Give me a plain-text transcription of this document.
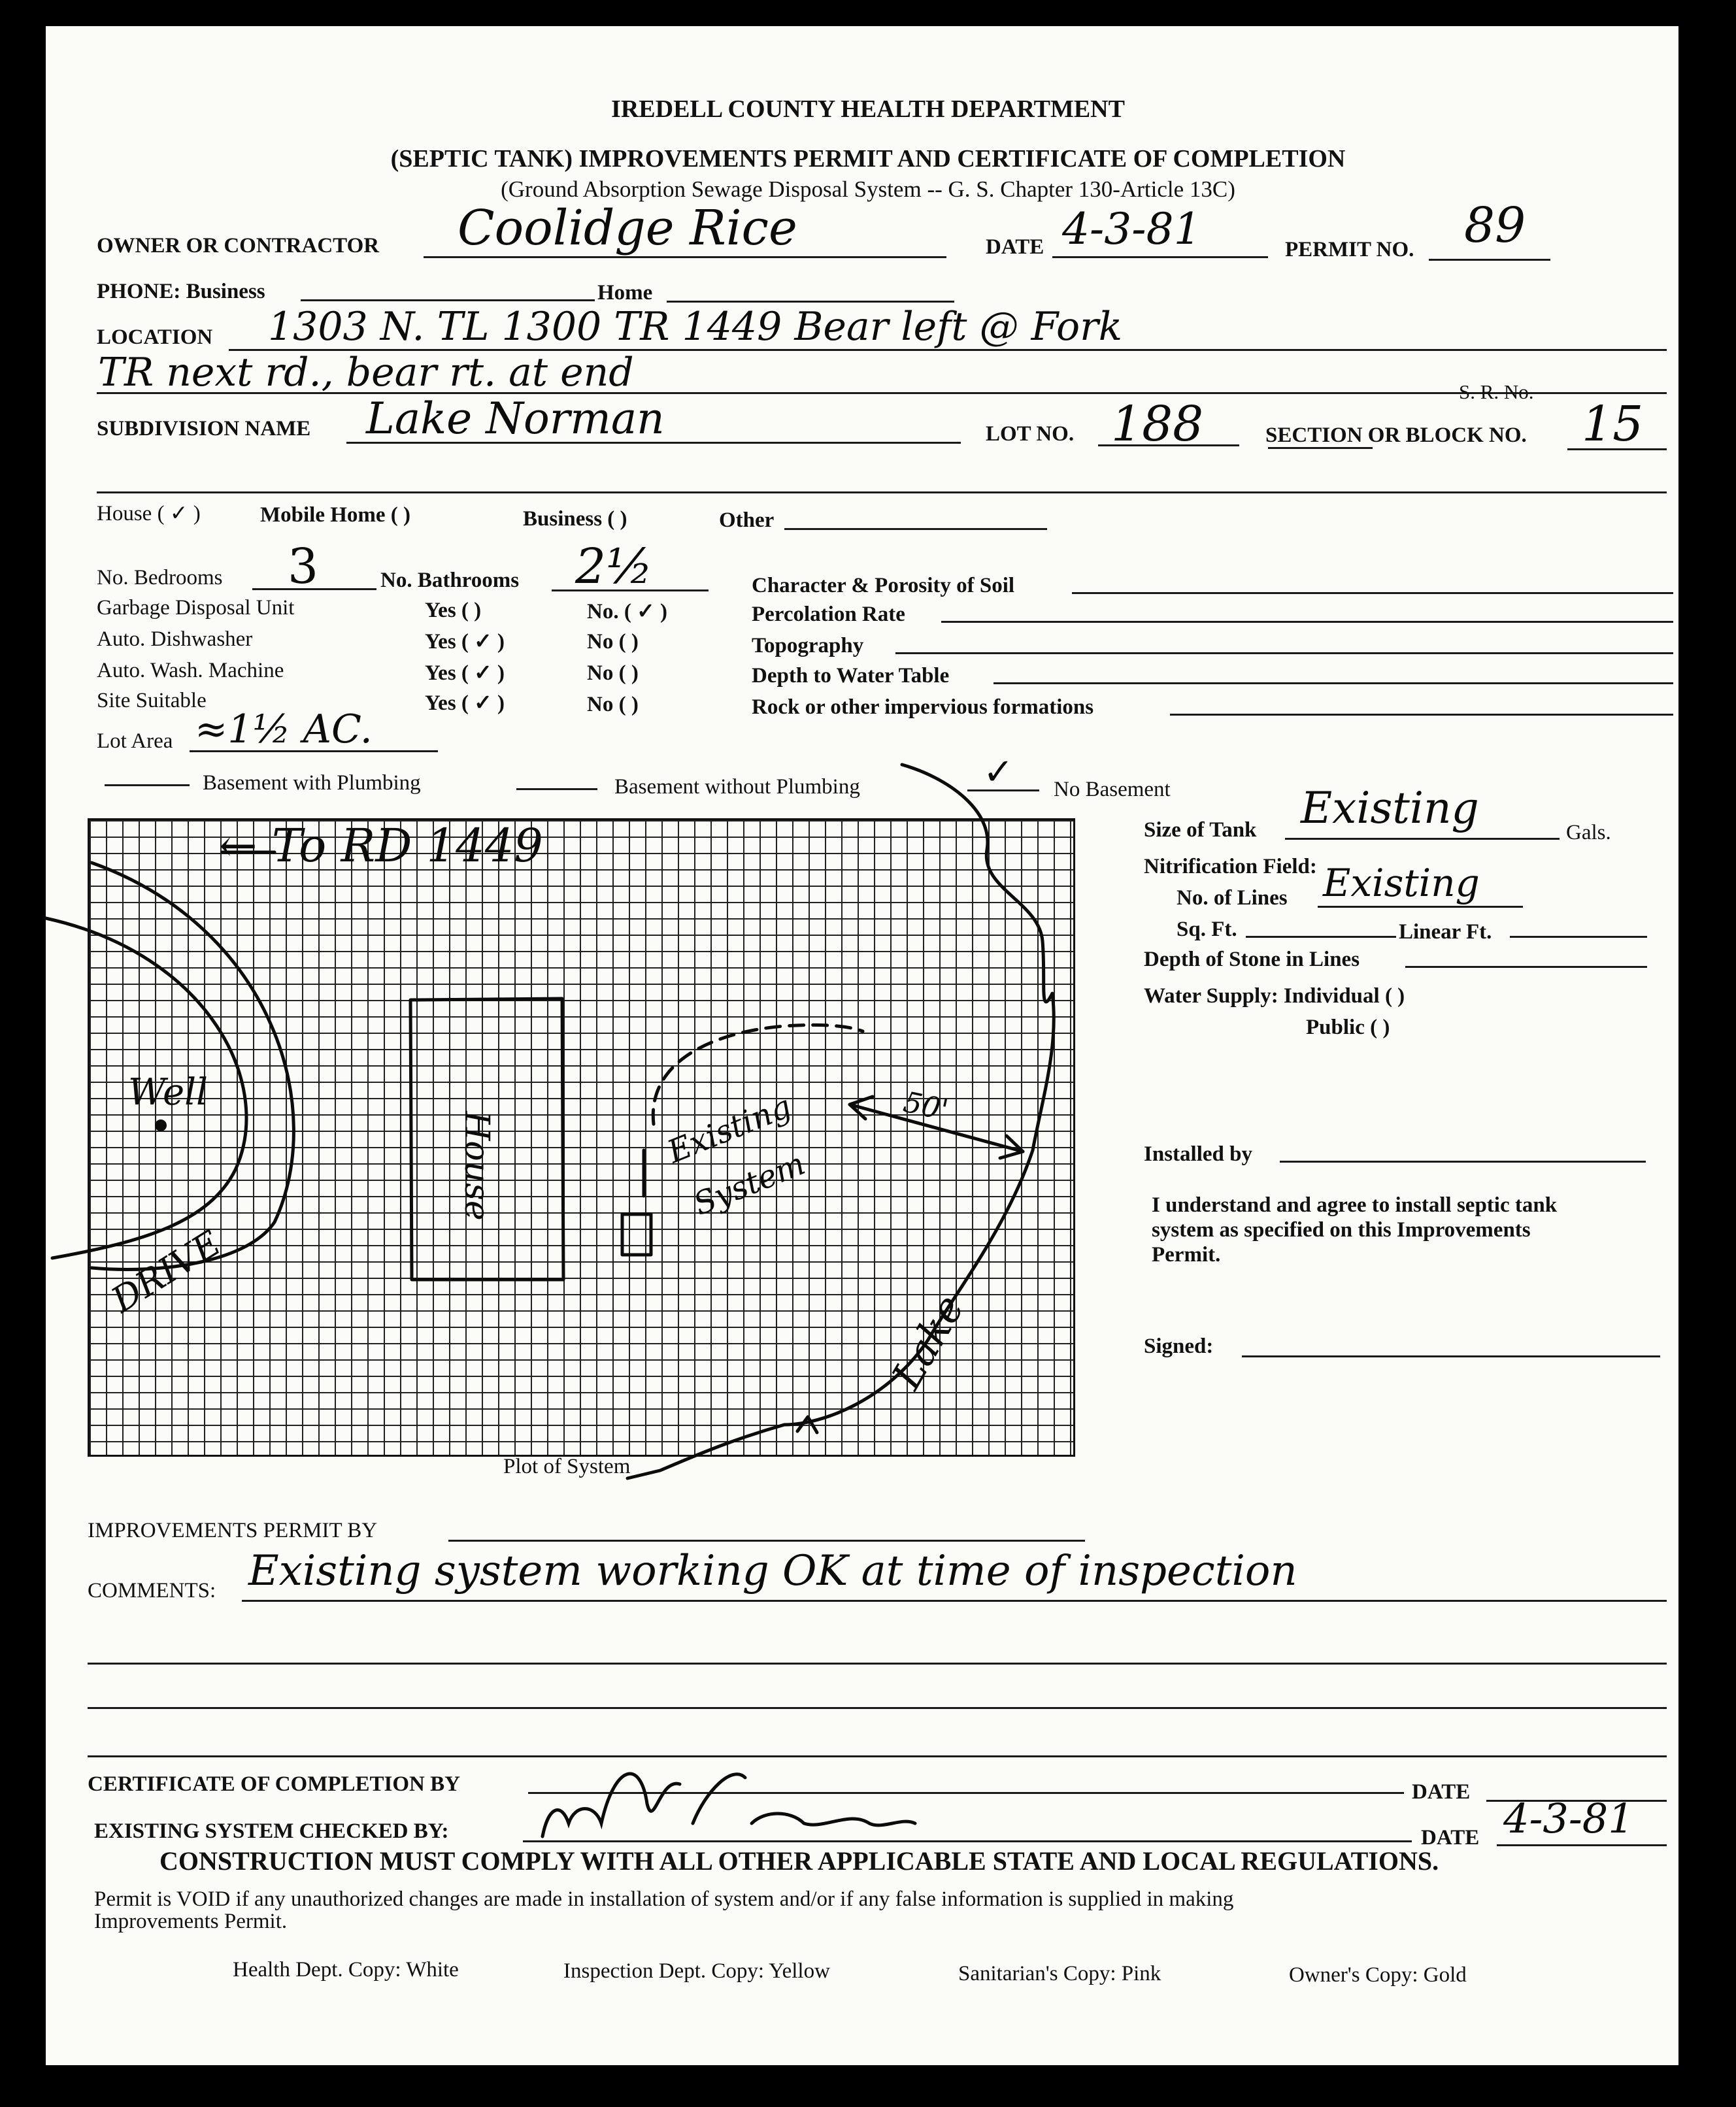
IREDELL COUNTY HEALTH DEPARTMENT
(SEPTIC TANK) IMPROVEMENTS PERMIT AND CERTIFICATE OF COMPLETION
(Ground Absorption Sewage Disposal System -- G. S. Chapter 130-Article 13C)
OWNER OR CONTRACTOR Coolidge Rice	DATE 4-3-81	PERMIT NO. 89
PHONE: Business	Home
LOCATION 1303 N. TL 1300 TR 1449 Bear left @ Fork
TR next rd., bear rt. at end	S. R. No.
SUBDIVISION NAME Lake Norman	LOT NO. 188	SECTION OR BLOCK NO. 15
House ( ✓ )	Mobile Home ( )	Business ( )	Other
No. Bedrooms 3	No. Bathrooms 2½
Garbage Disposal Unit	Yes ( )	No. ( ✓ )
Auto. Dishwasher	Yes ( ✓ )	No ( )
Auto. Wash. Machine	Yes ( ✓ )	No ( )
Site Suitable	Yes ( ✓ )	No ( )
Lot Area ≈1½ AC.
Character & Porosity of Soil
Percolation Rate
Topography
Depth to Water Table
Rock or other impervious formations
Basement with Plumbing	Basement without Plumbing	✓ No Basement
Size of Tank Existing	Gals.
Nitrification Field:
No. of Lines Existing
Sq. Ft.	Linear Ft.
Depth of Stone in Lines
Water Supply: Individual ( )
Public ( )
Installed by
I understand and agree to install septic tank
system as specified on this Improvements
Permit.
Signed:
Plot of System
← To RD 1449
Well
DRIVE
House	Existing
System
Lake
50'
IMPROVEMENTS PERMIT BY
COMMENTS: Existing system working OK at time of inspection
CERTIFICATE OF COMPLETION BY	DATE
EXISTING SYSTEM CHECKED BY:	DATE 4-3-81
CONSTRUCTION MUST COMPLY WITH ALL OTHER APPLICABLE STATE AND LOCAL REGULATIONS.
Permit is VOID if any unauthorized changes are made in installation of system and/or if any false information is supplied in making
Improvements Permit.
Health Dept. Copy: White	Inspection Dept. Copy: Yellow	Sanitarian's Copy: Pink	Owner's Copy: Gold
